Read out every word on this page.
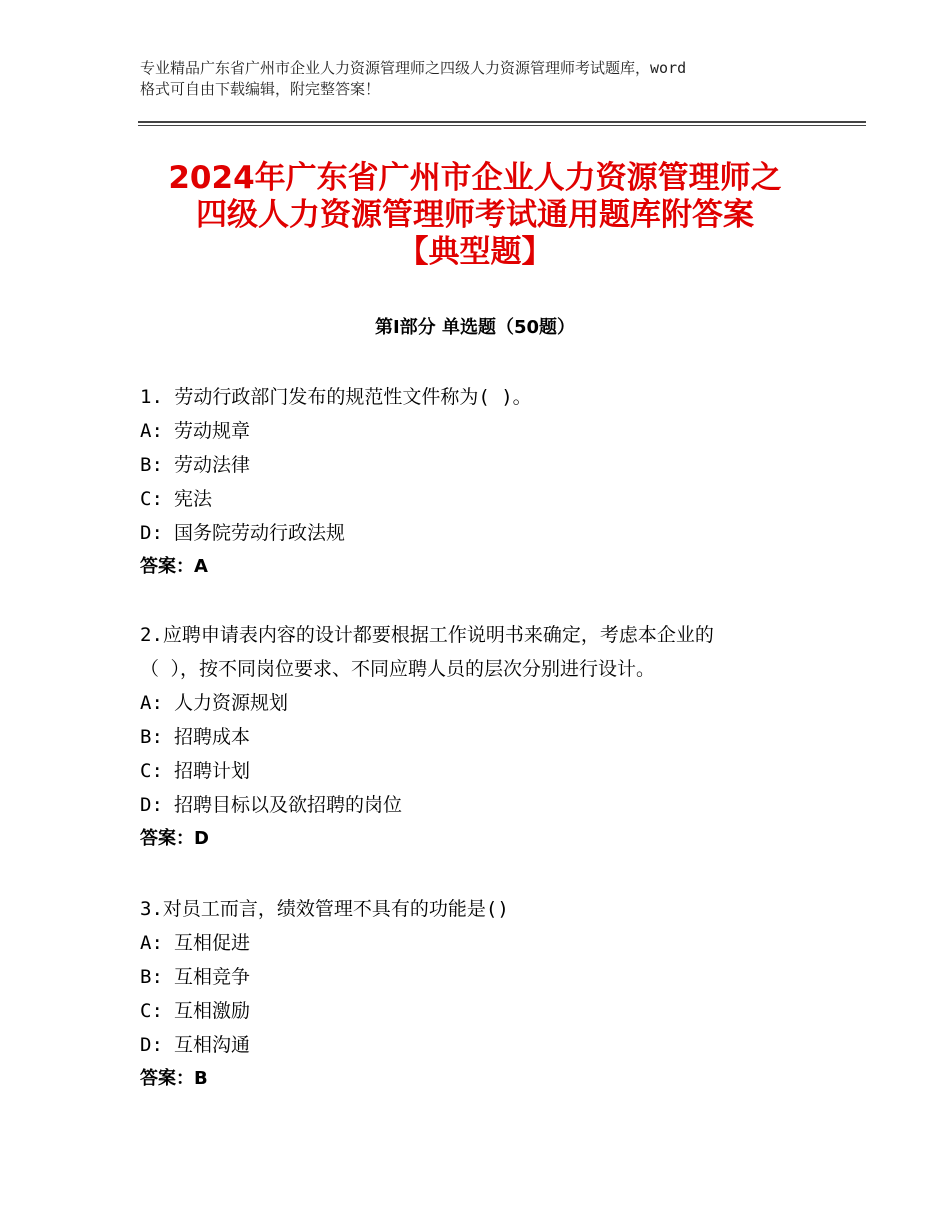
专业精品广东省广州市企业人力资源管理师之四级人力资源管理师考试题库，word
格式可自由下载编辑，附完整答案！
2024年广东省广州市企业人力资源管理师之
四级人力资源管理师考试通用题库附答案
【典型题】
第Ⅰ部分 单选题（50题）
1. 劳动行政部门发布的规范性文件称为( )。
A: 劳动规章
B: 劳动法律
C: 宪法
D: 国务院劳动行政法规
答案：A
2.应聘申请表内容的设计都要根据工作说明书来确定，考虑本企业的
（ ），按不同岗位要求、不同应聘人员的层次分别进行设计。
A: 人力资源规划
B: 招聘成本
C: 招聘计划
D: 招聘目标以及欲招聘的岗位
答案：D
3.对员工而言，绩效管理不具有的功能是()
A: 互相促进
B: 互相竞争
C: 互相激励
D: 互相沟通
答案：B
